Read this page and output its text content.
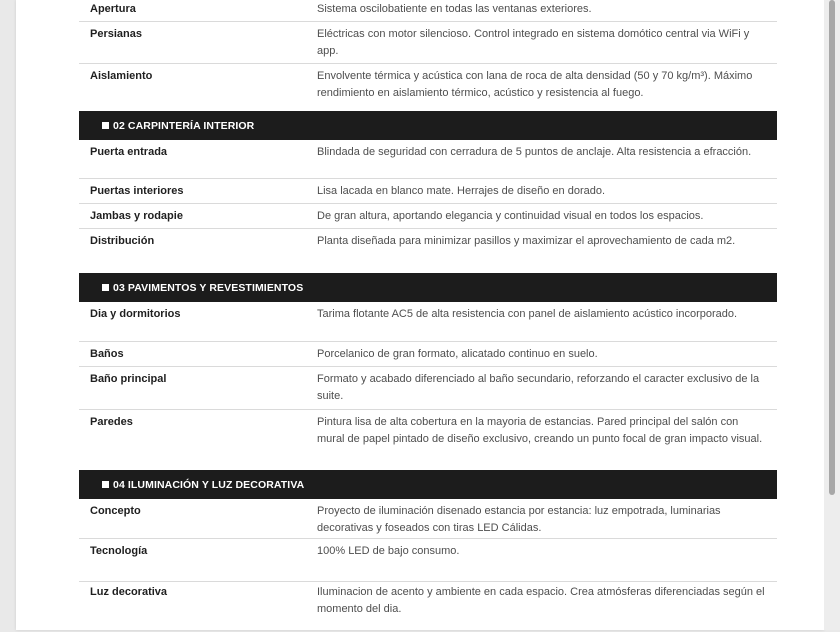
Apertura	Sistema oscilobatiente en todas las ventanas exteriores.
Persianas	Eléctricas con motor silencioso. Control integrado en sistema domótico central via WiFi y app.
Aislamiento	Envolvente térmica y acústica con lana de roca de alta densidad (50 y 70 kg/m³). Máximo rendimiento en aislamiento térmico, acústico y resistencia al fuego.
02 CARPINTERÍA INTERIOR
Puerta entrada	Blindada de seguridad con cerradura de 5 puntos de anclaje. Alta resistencia a efracción.
Puertas interiores	Lisa lacada en blanco mate. Herrajes de diseño en dorado.
Jambas y rodapie	De gran altura, aportando elegancia y continuidad visual en todos los espacios.
Distribución	Planta diseñada para minimizar pasillos y maximizar el aprovechamiento de cada m2.
03 PAVIMENTOS Y REVESTIMIENTOS
Dia y dormitorios	Tarima flotante AC5 de alta resistencia con panel de aislamiento acústico incorporado.
Baños	Porcelanico de gran formato, alicatado continuo en suelo.
Baño principal	Formato y acabado diferenciado al baño secundario, reforzando el caracter exclusivo de la suite.
Paredes	Pintura lisa de alta cobertura en la mayoria de estancias. Pared principal del salón con mural de papel pintado de diseño exclusivo, creando un punto focal de gran impacto visual.
04 ILUMINACIÓN Y LUZ DECORATIVA
Concepto	Proyecto de iluminación disenado estancia por estancia: luz empotrada, luminarias decorativas y foseados con tiras LED Cálidas.
Tecnología	100% LED de bajo consumo.
Luz decorativa	Iluminacion de acento y ambiente en cada espacio. Crea atmósferas diferenciadas según el momento del dia.
